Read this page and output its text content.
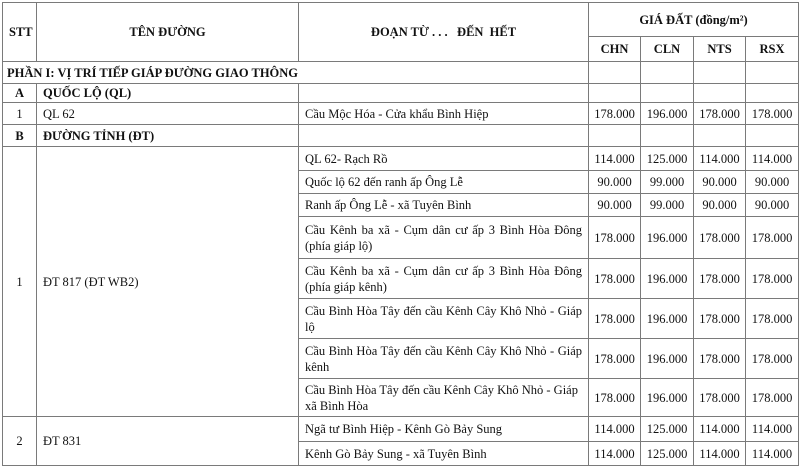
STT	TÊN ĐƯỜNG	ĐOẠN TỪ . . .   ĐẾN  HẾT	GIÁ ĐẤT (đồng/m²)			
			CHN	CLN	NTS	RSX
PHẦN I: VỊ TRÍ TIẾP GIÁP ĐƯỜNG GIAO THÔNG						
A	QUỐC LỘ (QL)					
1	QL 62	Cầu Mộc Hóa - Cửa khẩu Bình Hiệp	178.000	196.000	178.000	178.000
B	ĐƯỜNG TỈNH (ĐT)					
1	ĐT 817 (ĐT WB2)	QL 62- Rạch Rồ	114.000	125.000	114.000	114.000
		Quốc lộ 62 đến ranh ấp Ông Lễ	90.000	99.000	90.000	90.000
		Ranh ấp Ông Lễ - xã Tuyên Bình	90.000	99.000	90.000	90.000
		Cầu Kênh ba xã - Cụm dân cư ấp 3 Bình Hòa Đông (phía giáp lộ)	178.000	196.000	178.000	178.000
		Cầu Kênh ba xã - Cụm dân cư ấp 3 Bình Hòa Đông (phía giáp kênh)	178.000	196.000	178.000	178.000
		Cầu Bình Hòa Tây đến cầu Kênh Cây Khô Nhỏ - Giáp lộ	178.000	196.000	178.000	178.000
		Cầu Bình Hòa Tây đến cầu Kênh Cây Khô Nhỏ - Giáp kênh	178.000	196.000	178.000	178.000
		Cầu Bình Hòa Tây đến cầu Kênh Cây Khô Nhỏ - Giáp xã Bình Hòa	178.000	196.000	178.000	178.000
2	ĐT 831	Ngã tư Bình Hiệp - Kênh Gò Bảy Sung	114.000	125.000	114.000	114.000
		Kênh Gò Bảy Sung - xã Tuyên Bình	114.000	125.000	114.000	114.000
